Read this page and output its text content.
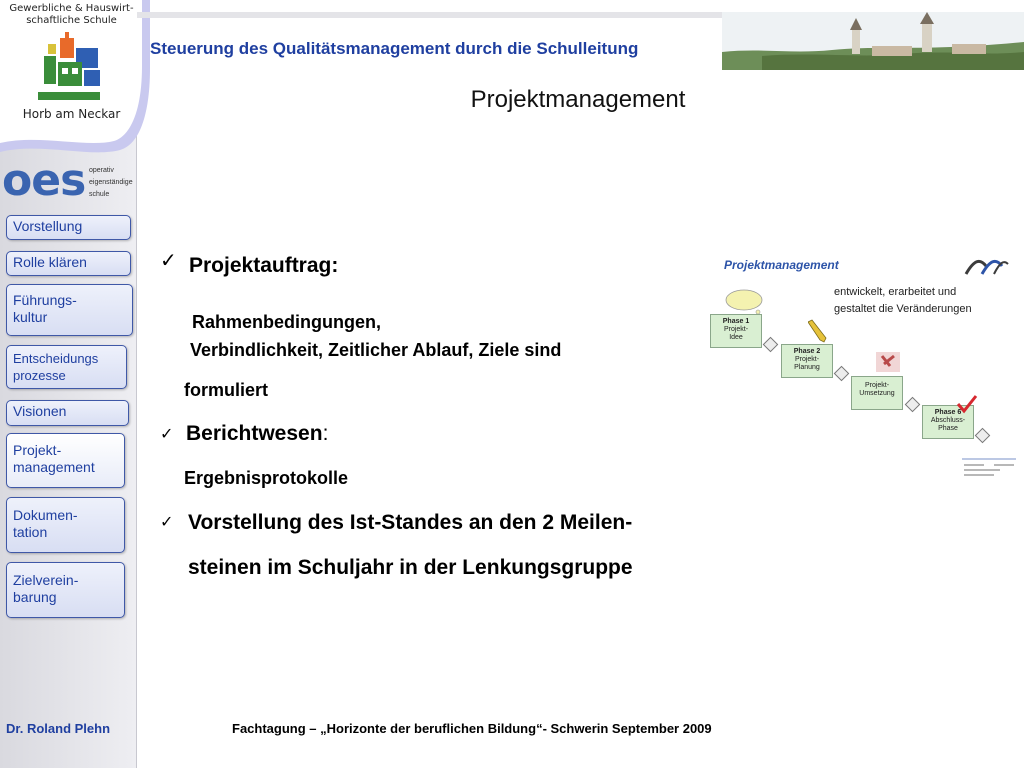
Gewerbliche & Hauswirt-
schaftliche Schule
Horb am Neckar
oes operativ
eigenständige
schule
Vorstellung
Rolle klären
Führungs-
kultur
Entscheidungs
prozesse
Visionen
Projekt-
management
Dokumen-
tation
Zielverein-
barung
Dr. Roland Plehn
Steuerung des Qualitätsmanagement durch die Schulleitung
Projektmanagement
✓ Projektauftrag:
Rahmenbedingungen,
Verbindlichkeit, Zeitlicher Ablauf, Ziele sind
formuliert
✓ Berichtwesen:
Ergebnisprotokolle
✓ Vorstellung des Ist-Standes an den 2 Meilen-
steinen im Schuljahr in der Lenkungsgruppe
Projektmanagement
entwickelt, erarbeitet und
gestaltet die Veränderungen
Phase 1
Projekt-
Idee
Phase 2
Projekt-
Planung
Projekt-
Umsetzung
Phase 6
Abschluss-
Phase
Fachtagung – „Horizonte der beruflichen Bildung“- Schwerin September 2009
